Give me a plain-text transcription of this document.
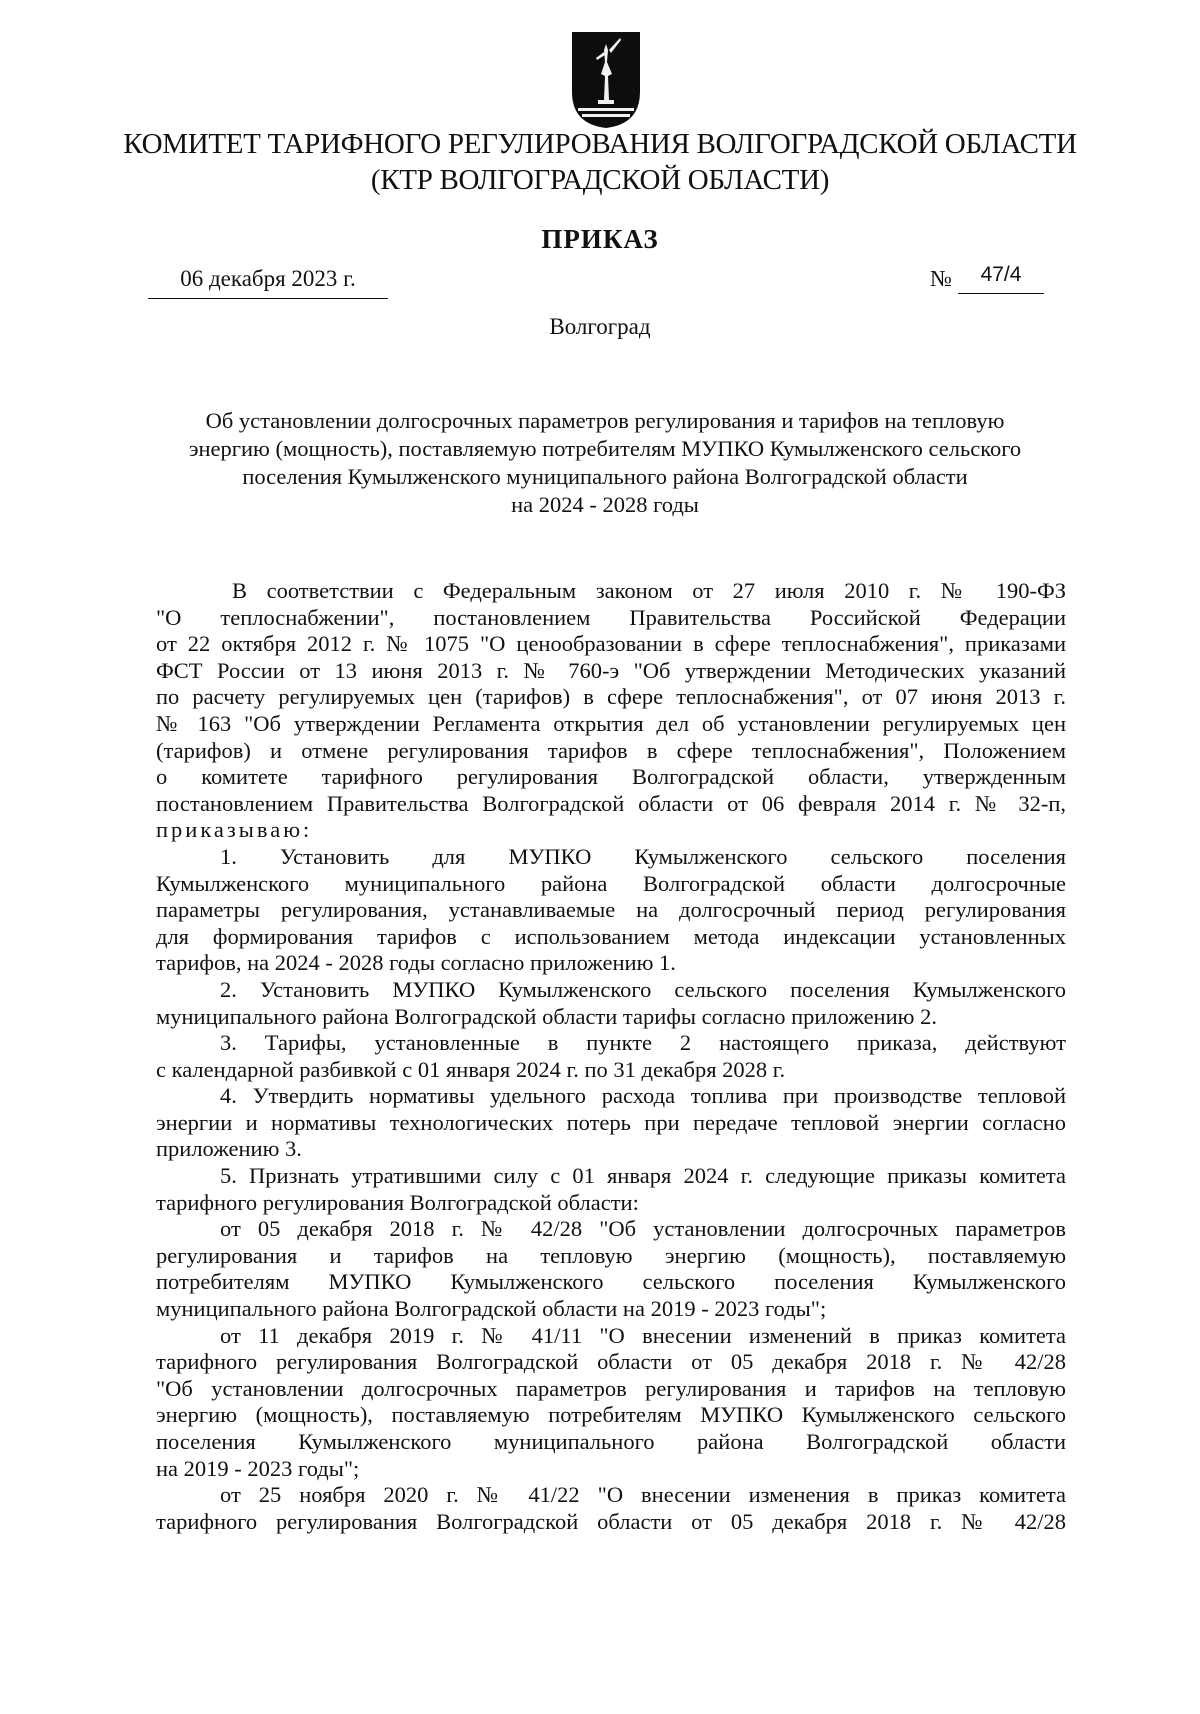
КОМИТЕТ ТАРИФНОГО РЕГУЛИРОВАНИЯ ВОЛГОГРАДСКОЙ ОБЛАСТИ
(КТР ВОЛГОГРАДСКОЙ ОБЛАСТИ)
ПРИКАЗ
06 декабря 2023 г.	№	47/4
Волгоград
Об установлении долгосрочных параметров регулирования и тарифов на тепловую
энергию (мощность), поставляемую потребителям МУПКО Кумылженского сельского
поселения Кумылженского муниципального района Волгоградской области
на 2024 - 2028 годы
В соответствии с Федеральным законом от 27 июля 2010 г. № 190-ФЗ
"О теплоснабжении", постановлением Правительства Российской Федерации
от 22 октября 2012 г. № 1075 "О ценообразовании в сфере теплоснабжения", приказами
ФСТ России от 13 июня 2013 г. № 760-э "Об утверждении Методических указаний
по расчету регулируемых цен (тарифов) в сфере теплоснабжения", от 07 июня 2013 г.
№ 163 "Об утверждении Регламента открытия дел об установлении регулируемых цен
(тарифов) и отмене регулирования тарифов в сфере теплоснабжения", Положением
о комитете тарифного регулирования Волгоградской области, утвержденным
постановлением Правительства Волгоградской области от 06 февраля 2014 г. № 32-п,
приказываю:
1. Установить для МУПКО Кумылженского сельского поселения
Кумылженского муниципального района Волгоградской области долгосрочные
параметры регулирования, устанавливаемые на долгосрочный период регулирования
для формирования тарифов с использованием метода индексации установленных
тарифов, на 2024 - 2028 годы согласно приложению 1.
2. Установить МУПКО Кумылженского сельского поселения Кумылженского
муниципального района Волгоградской области тарифы согласно приложению 2.
3. Тарифы, установленные в пункте 2 настоящего приказа, действуют
с календарной разбивкой с 01 января 2024 г. по 31 декабря 2028 г.
4. Утвердить нормативы удельного расхода топлива при производстве тепловой
энергии и нормативы технологических потерь при передаче тепловой энергии согласно
приложению 3.
5. Признать утратившими силу с 01 января 2024 г. следующие приказы комитета
тарифного регулирования Волгоградской области:
от 05 декабря 2018 г. № 42/28 "Об установлении долгосрочных параметров
регулирования и тарифов на тепловую энергию (мощность), поставляемую
потребителям МУПКО Кумылженского сельского поселения Кумылженского
муниципального района Волгоградской области на 2019 - 2023 годы";
от 11 декабря 2019 г. № 41/11 "О внесении изменений в приказ комитета
тарифного регулирования Волгоградской области от 05 декабря 2018 г. № 42/28
"Об установлении долгосрочных параметров регулирования и тарифов на тепловую
энергию (мощность), поставляемую потребителям МУПКО Кумылженского сельского
поселения Кумылженского муниципального района Волгоградской области
на 2019 - 2023 годы";
от 25 ноября 2020 г. № 41/22 "О внесении изменения в приказ комитета
тарифного регулирования Волгоградской области от 05 декабря 2018 г. № 42/28
